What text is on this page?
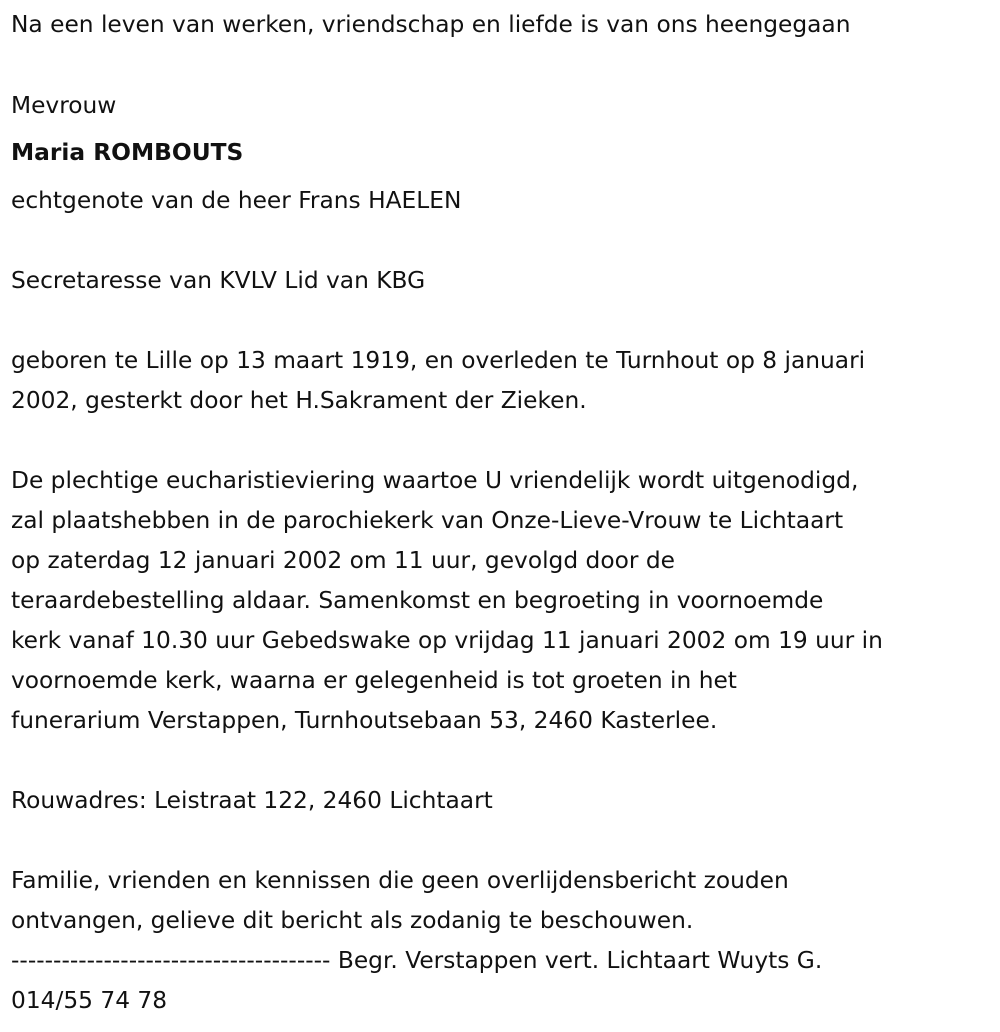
Na een leven van werken, vriendschap en liefde is van ons heengegaan
Mevrouw
Maria ROMBOUTS
echtgenote van de heer Frans HAELEN
Secretaresse van KVLV Lid van KBG
geboren te Lille op 13 maart 1919, en overleden te Turnhout op 8 januari
2002, gesterkt door het H.Sakrament der Zieken.
De plechtige eucharistieviering waartoe U vriendelijk wordt uitgenodigd,
zal plaatshebben in de parochiekerk van Onze-Lieve-Vrouw te Lichtaart
op zaterdag 12 januari 2002 om 11 uur, gevolgd door de
teraardebestelling aldaar. Samenkomst en begroeting in voornoemde
kerk vanaf 10.30 uur Gebedswake op vrijdag 11 januari 2002 om 19 uur in
voornoemde kerk, waarna er gelegenheid is tot groeten in het
funerarium Verstappen, Turnhoutsebaan 53, 2460 Kasterlee.
Rouwadres: Leistraat 122, 2460 Lichtaart
Familie, vrienden en kennissen die geen overlijdensbericht zouden
ontvangen, gelieve dit bericht als zodanig te beschouwen.
-------------------------------------- Begr. Verstappen vert. Lichtaart Wuyts G.
014/55 74 78
